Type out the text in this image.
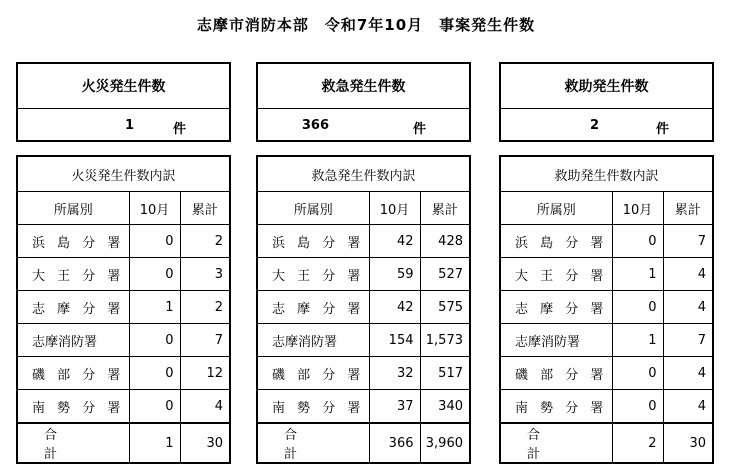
志摩市消防本部　令和7年10月　事案発生件数
火災発生件数
1	件
救急発生件数
366	件
救助発生件数
2	件
火災発生件数内訳		
所属別	10月	累計
浜 島 分 署	0	2
大 王 分 署	0	3
志 摩 分 署	1	2
志摩消防署	0	7
磯 部 分 署	0	12
南 勢 分 署	0	4
合　計	1	30
救急発生件数内訳		
所属別	10月	累計
浜 島 分 署	42	428
大 王 分 署	59	527
志 摩 分 署	42	575
志摩消防署	154	1,573
磯 部 分 署	32	517
南 勢 分 署	37	340
合　計	366	3,960
救助発生件数内訳		
所属別	10月	累計
浜 島 分 署	0	7
大 王 分 署	1	4
志 摩 分 署	0	4
志摩消防署	1	7
磯 部 分 署	0	4
南 勢 分 署	0	4
合　計	2	30
